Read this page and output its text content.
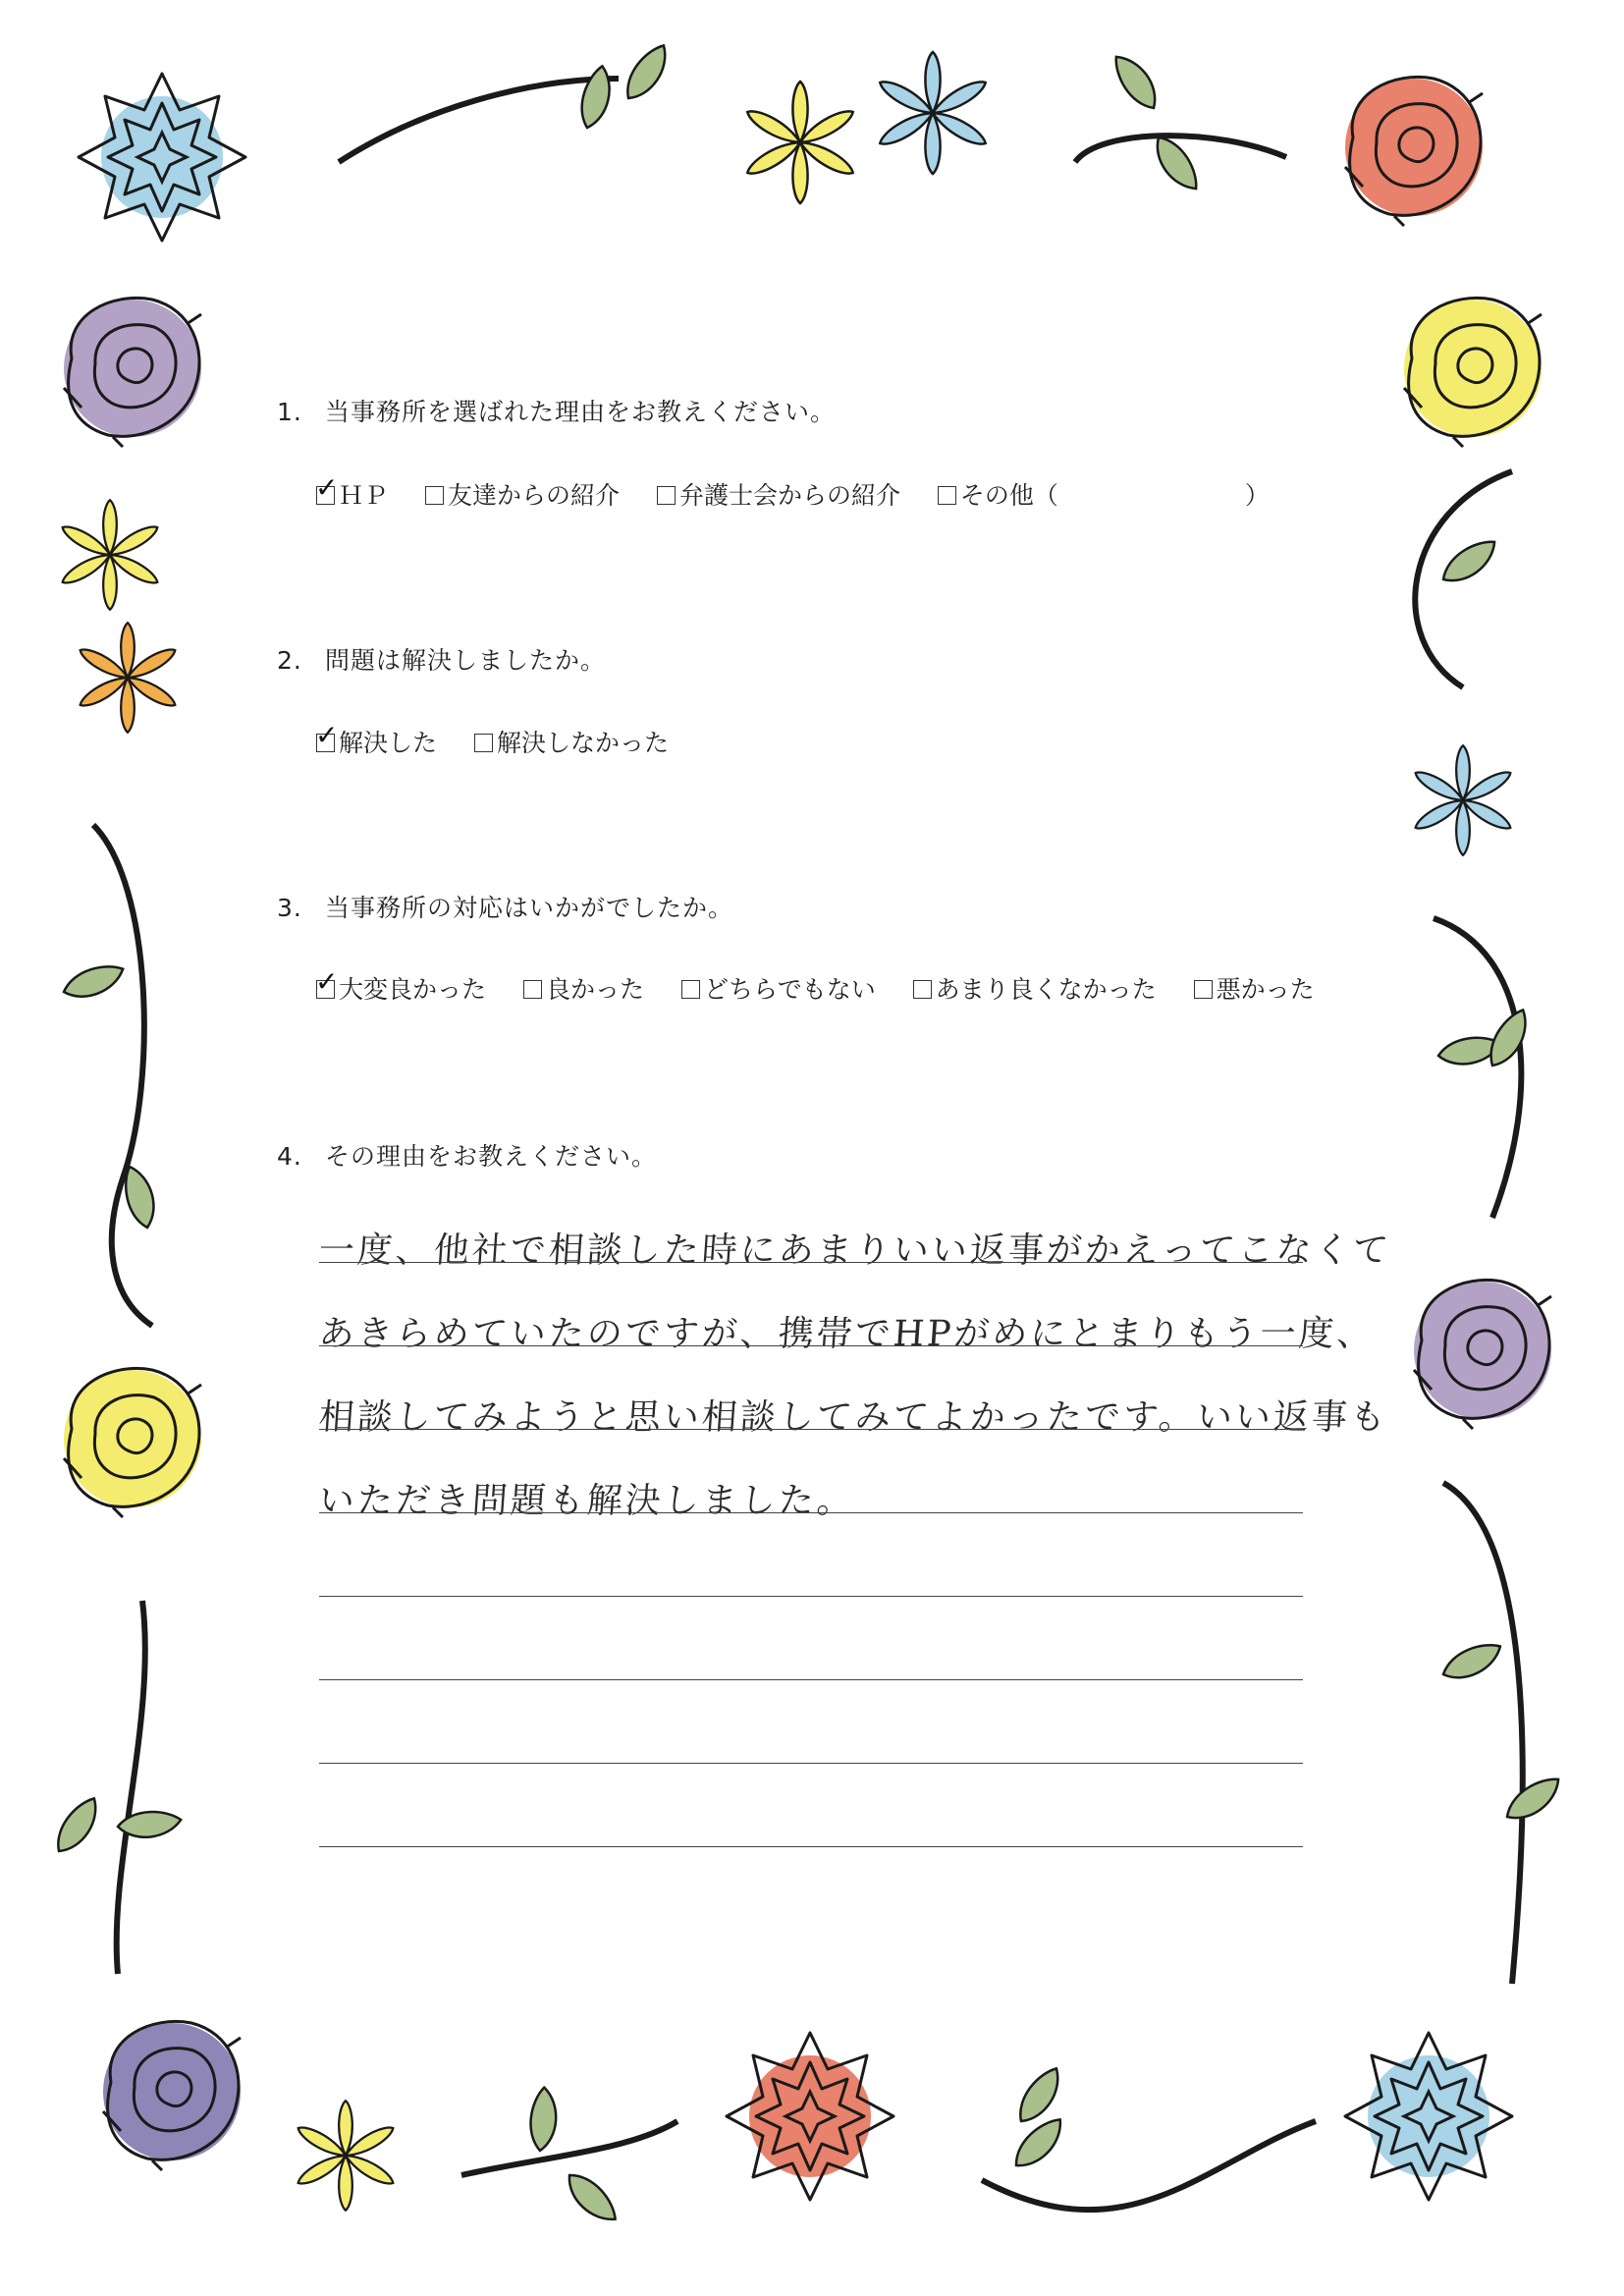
1. 当事務所を選ばれた理由をお教えください。
✓ＨＰ 友達からの紹介 弁護士会からの紹介 その他（	）
2. 問題は解決しましたか。
✓解決した 解決しなかった
3. 当事務所の対応はいかがでしたか。
✓大変良かった 良かった どちらでもない あまり良くなかった 悪かった
4. その理由をお教えください。
一度、他社で相談した時にあまりいい返事がかえってこなくて
あきらめていたのですが、携帯でHPがめにとまりもう一度、
相談してみようと思い相談してみてよかったです。いい返事も
いただき問題も解決しました。
